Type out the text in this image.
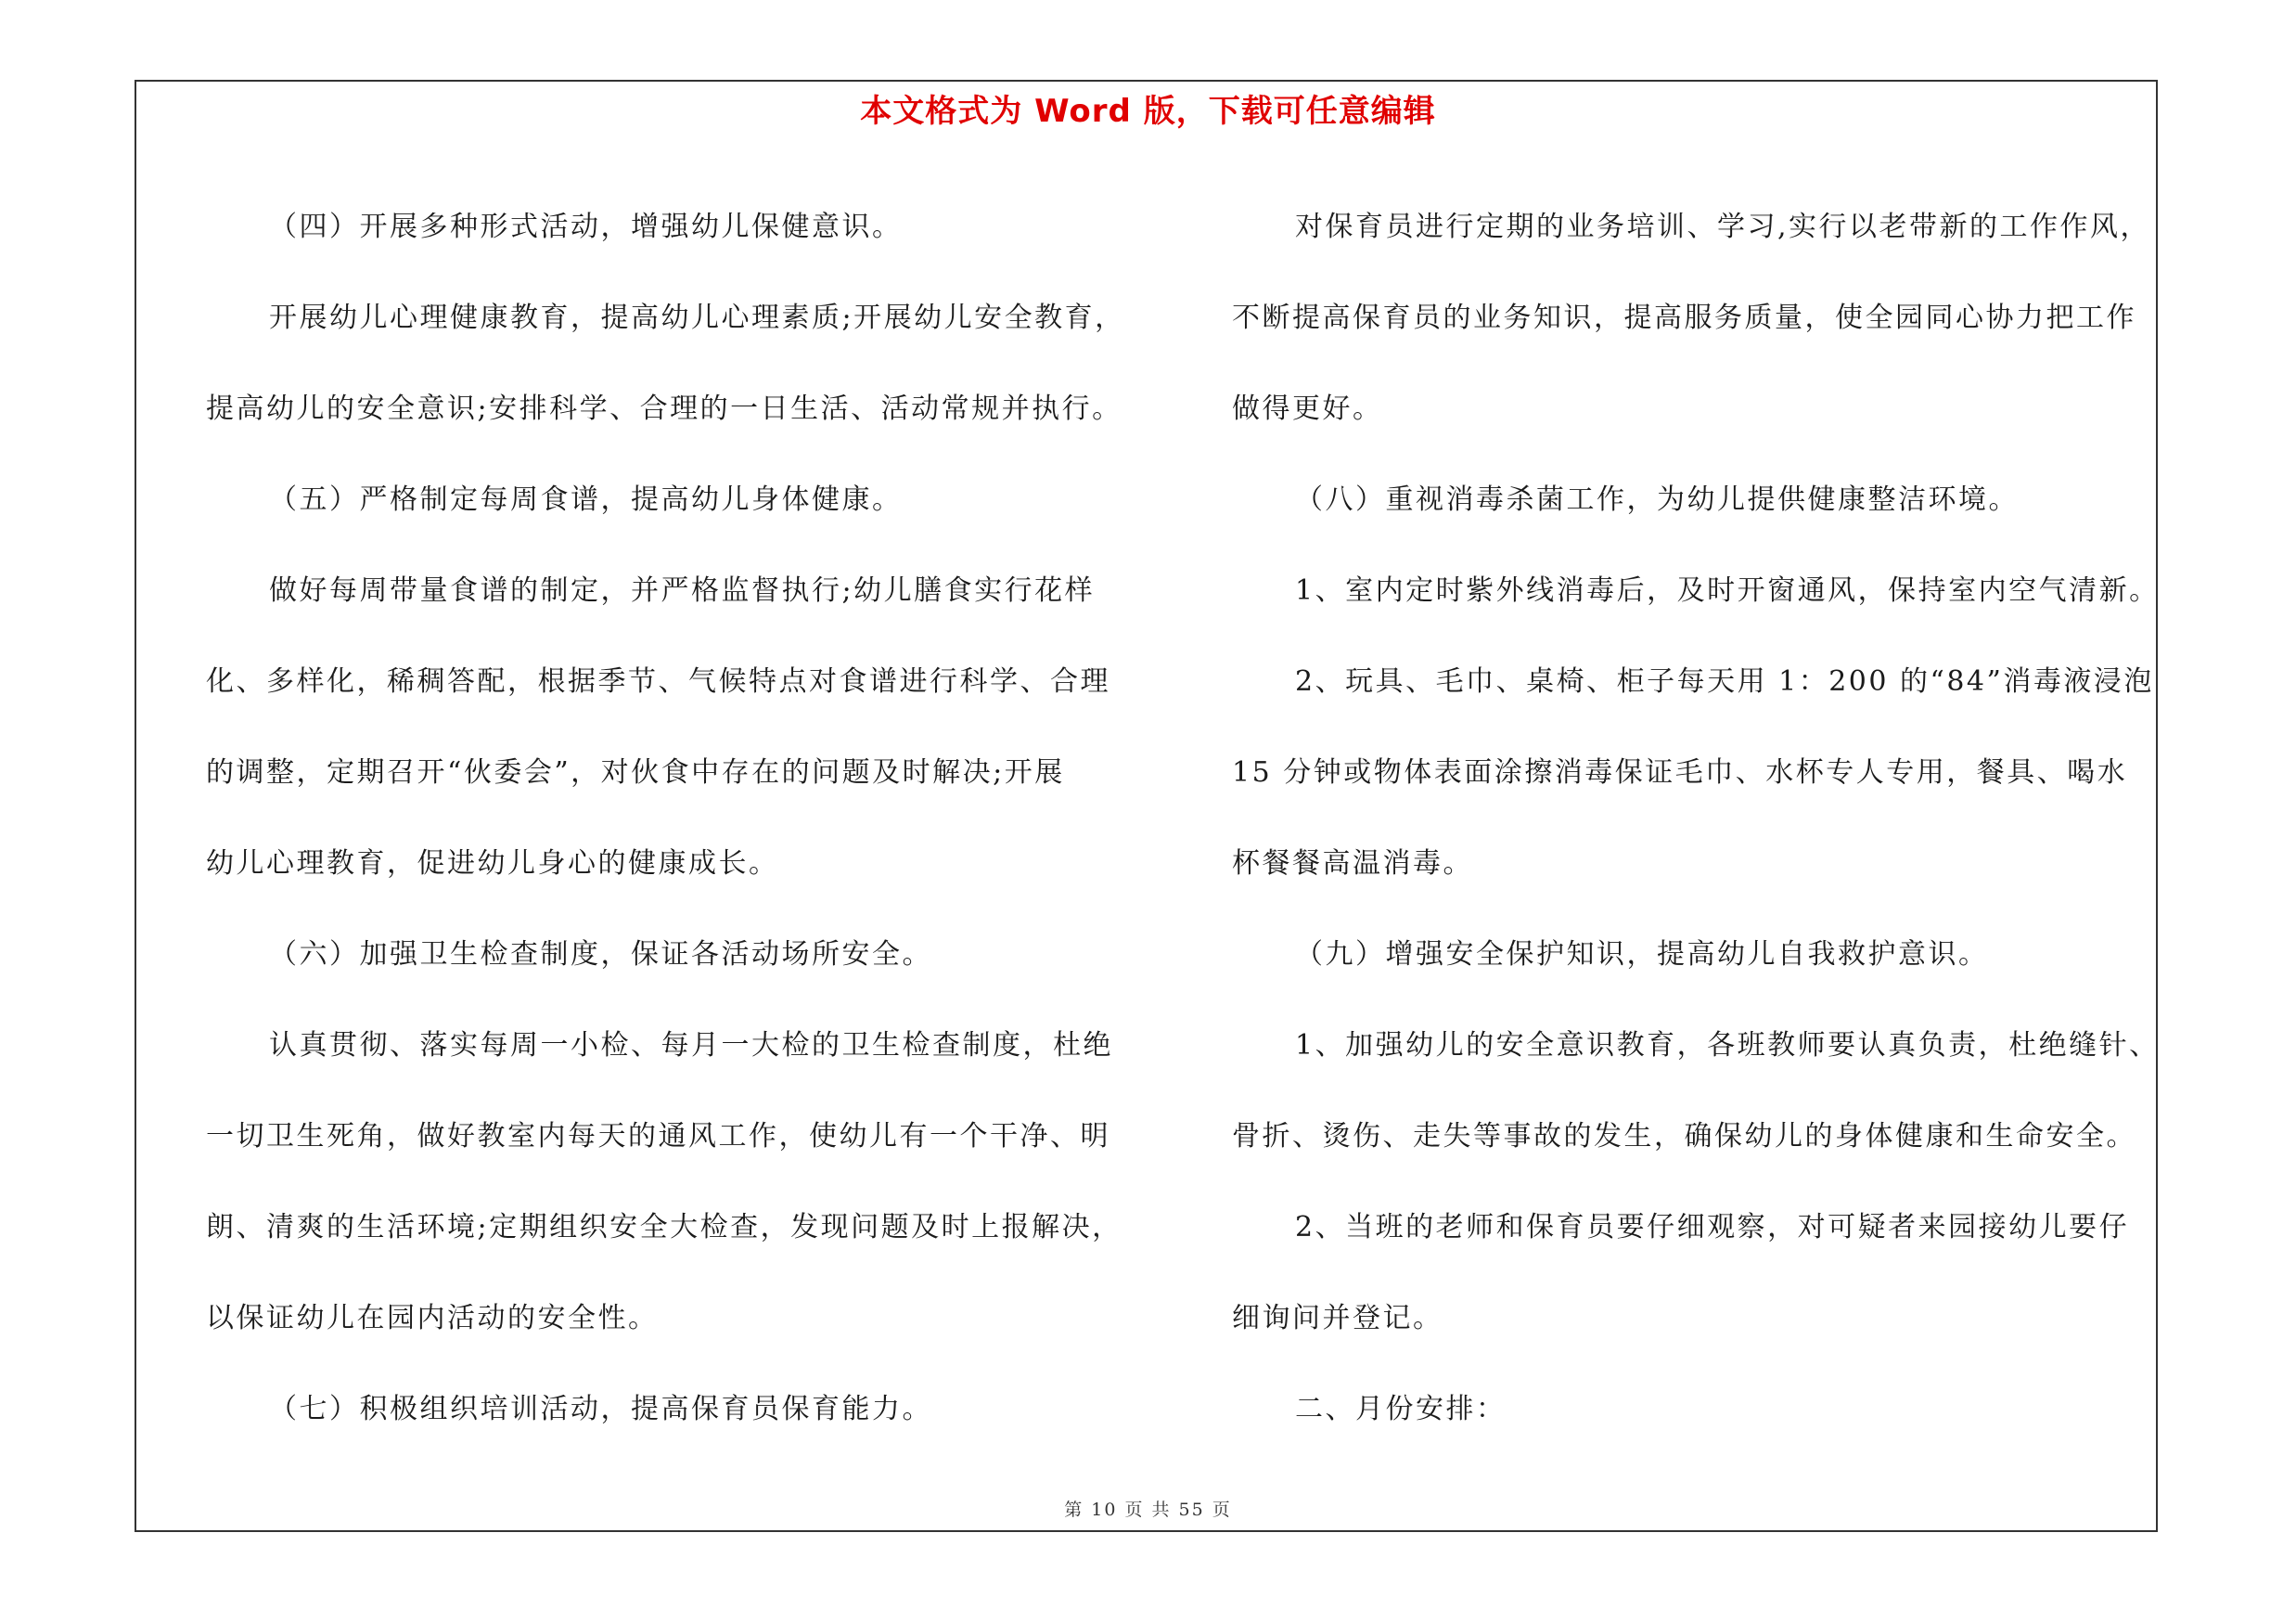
本文格式为 Word 版，下载可任意编辑
（四）开展多种形式活动，增强幼儿保健意识。
开展幼儿心理健康教育，提高幼儿心理素质;开展幼儿安全教育，
提高幼儿的安全意识;安排科学、合理的一日生活、活动常规并执行。
（五）严格制定每周食谱，提高幼儿身体健康。
做好每周带量食谱的制定，并严格监督执行;幼儿膳食实行花样
化、多样化，稀稠答配，根据季节、气候特点对食谱进行科学、合理
的调整，定期召开“伙委会”，对伙食中存在的问题及时解决;开展
幼儿心理教育，促进幼儿身心的健康成长。
（六）加强卫生检查制度，保证各活动场所安全。
认真贯彻、落实每周一小检、每月一大检的卫生检查制度，杜绝
一切卫生死角，做好教室内每天的通风工作，使幼儿有一个干净、明
朗、清爽的生活环境;定期组织安全大检查，发现问题及时上报解决，
以保证幼儿在园内活动的安全性。
（七）积极组织培训活动，提高保育员保育能力。
对保育员进行定期的业务培训、学习,实行以老带新的工作作风，
不断提高保育员的业务知识，提高服务质量，使全园同心协力把工作
做得更好。
（八）重视消毒杀菌工作，为幼儿提供健康整洁环境。
1、室内定时紫外线消毒后，及时开窗通风，保持室内空气清新。
2、玩具、毛巾、桌椅、柜子每天用 1：200 的“84”消毒液浸泡
15 分钟或物体表面涂擦消毒保证毛巾、水杯专人专用，餐具、喝水
杯餐餐高温消毒。
（九）增强安全保护知识，提高幼儿自我救护意识。
1、加强幼儿的安全意识教育，各班教师要认真负责，杜绝缝针、
骨折、烫伤、走失等事故的发生，确保幼儿的身体健康和生命安全。
2、当班的老师和保育员要仔细观察，对可疑者来园接幼儿要仔
细询问并登记。
二、月份安排：
第 10 页 共 55 页
